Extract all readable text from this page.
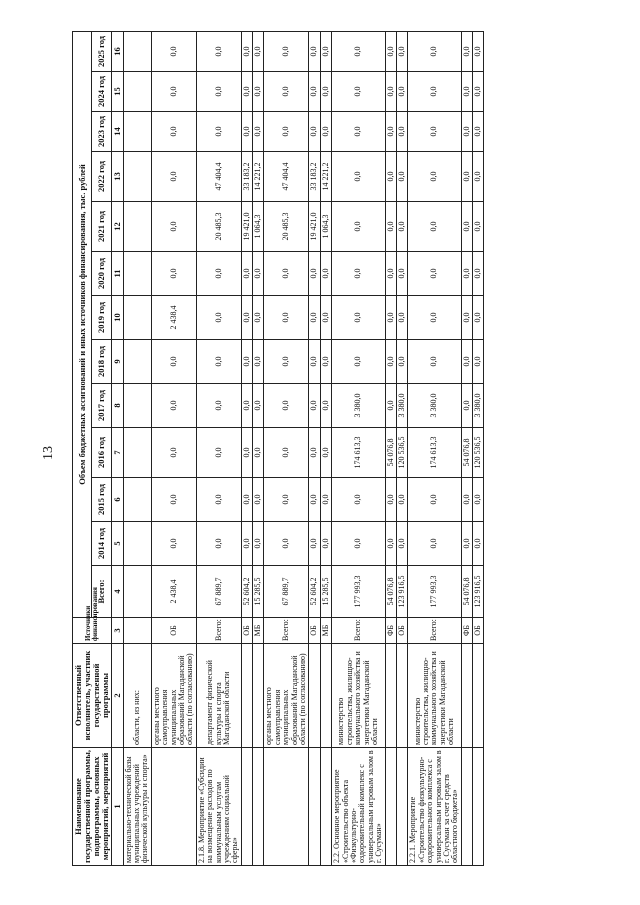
13
Наименование государственной программы, подпрограммы, основных мероприятий, мероприятий	Ответственный исполнитель, участник государственной программы	Источники финансирования	Объем бюджетных ассигнований и иных источников финансирования, тыс. рублей												
			Всего:	2014 год	2015 год	2016 год	2017 год	2018 год	2019 год	2020 год	2021 год	2022 год	2023 год	2024 год	2025 год
1	2	3	4	5	6	7	8	9	10	11	12	13	14	15	16
материально-технической базы муниципальных учреждений физической культуры и спорта»	области, из них:														
	органы местного самоуправления муниципальных образований Магаданской области (по согласованию)	ОБ	2 438,4	0,0	0,0	0,0	0,0	0,0	2 438,4	0,0	0,0	0,0	0,0	0,0	0,0
2.1.8. Мероприятие «Субсидии на возмещение расходов по коммунальным услугам учреждениям социальной сферы»	департамент физической культуры и спорта Магаданской области	Всего:	67 889,7	0,0	0,0	0,0	0,0	0,0	0,0	0,0	20 485,3	47 404,4	0,0	0,0	0,0
		ОБ	52 604,2	0,0	0,0	0,0	0,0	0,0	0,0	0,0	19 421,0	33 183,2	0,0	0,0	0,0
		МБ	15 285,5	0,0	0,0	0,0	0,0	0,0	0,0	0,0	1 064,3	14 221,2	0,0	0,0	0,0
	органы местного самоуправления муниципальных образований Магаданской области (по согласованию)	Всего:	67 889,7	0,0	0,0	0,0	0,0	0,0	0,0	0,0	20 485,3	47 404,4	0,0	0,0	0,0
		ОБ	52 604,2	0,0	0,0	0,0	0,0	0,0	0,0	0,0	19 421,0	33 183,2	0,0	0,0	0,0
		МБ	15 285,5	0,0	0,0	0,0	0,0	0,0	0,0	0,0	1 064,3	14 221,2	0,0	0,0	0,0
2.2. Основное мероприятие «Строительство объекта «Физкультурно-оздоровительный комплекс с универсальным игровым залом в г. Сусуман»	министерство строительства, жилищно-коммунального хозяйства и энергетики Магаданской области	Всего:	177 993,3	0,0	0,0	174 613,3	3 380,0	0,0	0,0	0,0	0,0	0,0	0,0	0,0	0,0
		ФБ	54 076,8	0,0	0,0	54 076,8	0,0	0,0	0,0	0,0	0,0	0,0	0,0	0,0	0,0
		ОБ	123 916,5	0,0	0,0	120 536,5	3 380,0	0,0	0,0	0,0	0,0	0,0	0,0	0,0	0,0
2.2.1. Мероприятие «Строительство физкультурно-оздоровительного комплекса с универсальным игровым залом в г. Сусуман за счет средств областного бюджета»	министерство строительства, жилищно-коммунального хозяйства и энергетики Магаданской области	Всего:	177 993,3	0,0	0,0	174 613,3	3 380,0	0,0	0,0	0,0	0,0	0,0	0,0	0,0	0,0
		ФБ	54 076,8	0,0	0,0	54 076,8	0,0	0,0	0,0	0,0	0,0	0,0	0,0	0,0	0,0
		ОБ	123 916,5	0,0	0,0	120 536,5	3 380,0	0,0	0,0	0,0	0,0	0,0	0,0	0,0	0,0
